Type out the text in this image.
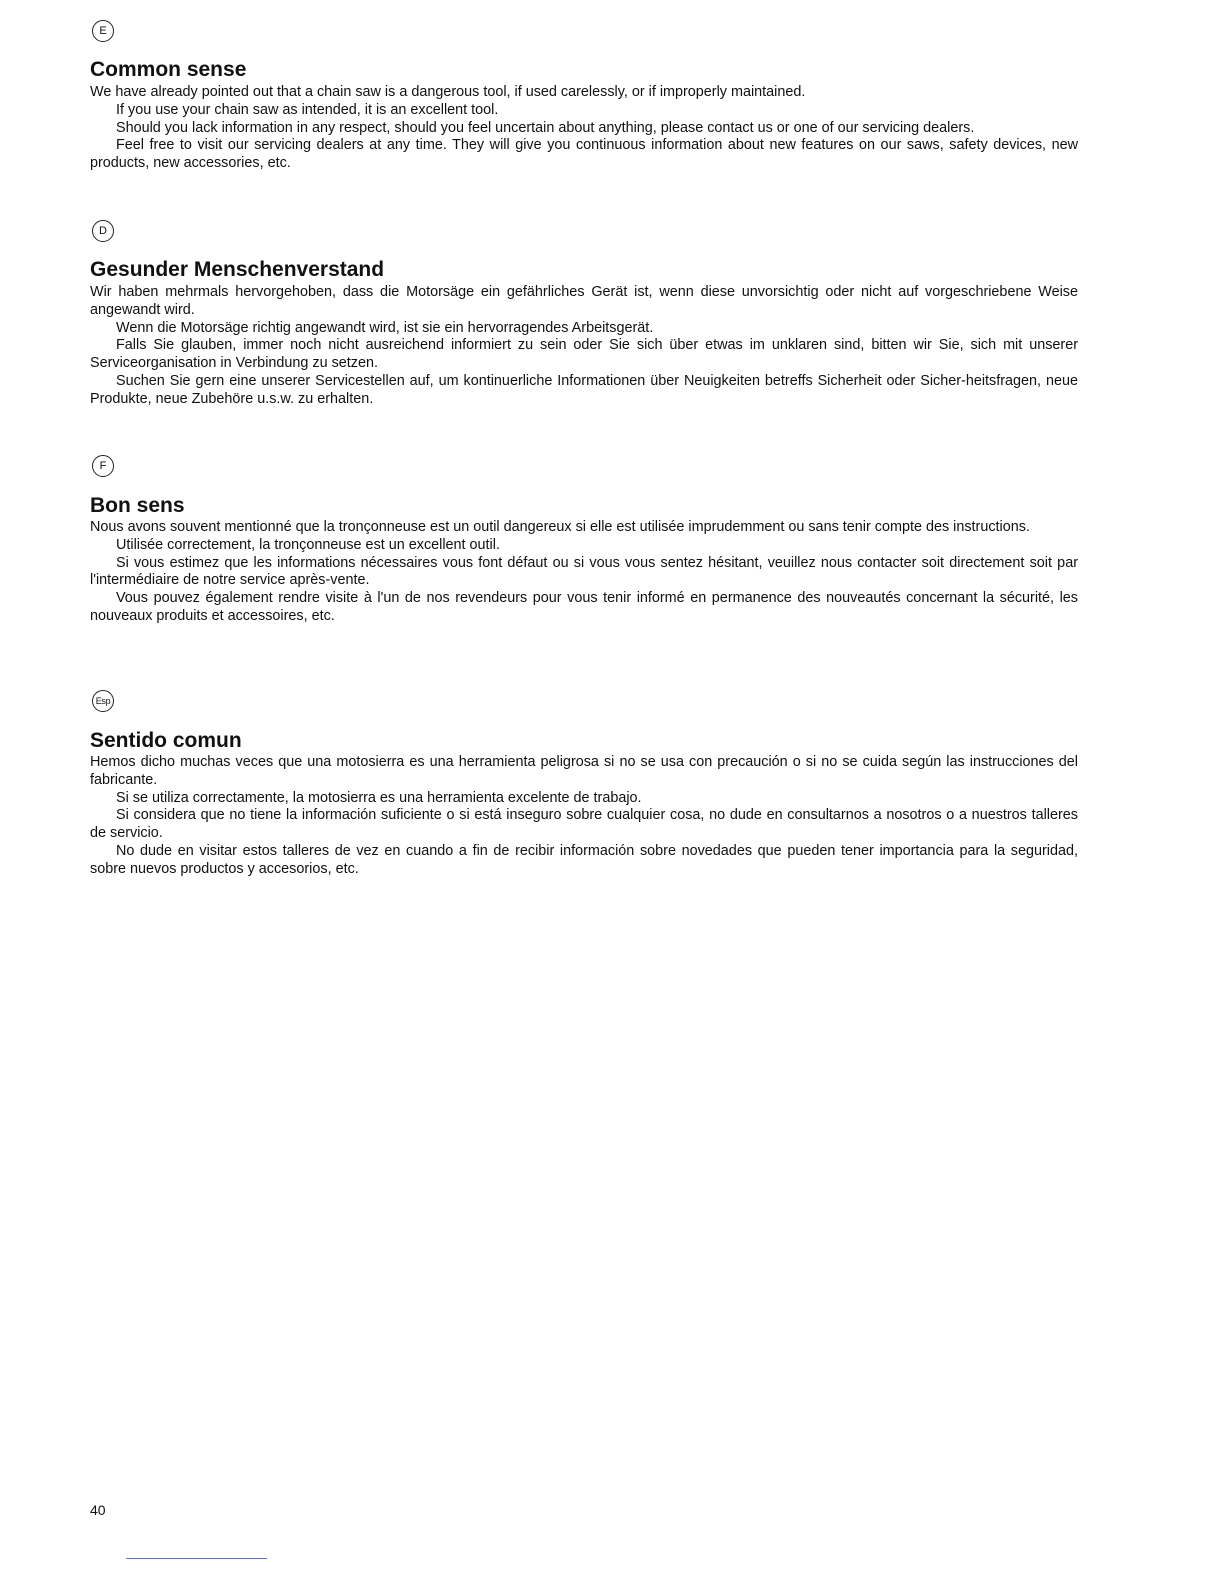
E
Common sense

We have already pointed out that a chain saw is a dangerous tool, if used carelessly, or if improperly maintained.

If you use your chain saw as intended, it is an excellent tool.

Should you lack information in any respect, should you feel uncertain about anything, please contact us or one of our servicing dealers.

Feel free to visit our servicing dealers at any time. They will give you continuous information about new features on our saws, safety devices, new products, new accessories, etc.

D
Gesunder Menschenverstand

Wir haben mehrmals hervorgehoben, dass die Motorsäge ein gefährliches Gerät ist, wenn diese unvorsichtig oder nicht auf vorgeschriebene Weise angewandt wird.

Wenn die Motorsäge richtig angewandt wird, ist sie ein hervorragendes Arbeitsgerät.

Falls Sie glauben, immer noch nicht ausreichend informiert zu sein oder Sie sich über etwas im unklaren sind, bitten wir Sie, sich mit unserer Serviceorganisation in Verbindung zu setzen.

Suchen Sie gern eine unserer Servicestellen auf, um kontinuerliche Informationen über Neuigkeiten betreffs Sicherheit oder Sicher-heitsfragen, neue Produkte, neue Zubehöre u.s.w. zu erhalten.

F
Bon sens

Nous avons souvent mentionné que la tronçonneuse est un outil dangereux si elle est utilisée imprudemment ou sans tenir compte des instructions.

Utilisée correctement, la tronçonneuse est un excellent outil.

Si vous estimez que les informations nécessaires vous font défaut ou si vous vous sentez hésitant, veuillez nous contacter soit directement soit par l'intermédiaire de notre service après-vente.

Vous pouvez également rendre visite à l'un de nos revendeurs pour vous tenir informé en permanence des nouveautés concernant la sécurité, les nouveaux produits et accessoires, etc.

Esp
Sentido comun

Hemos dicho muchas veces que una motosierra es una herramienta peligrosa si no se usa con precaución o si no se cuida según las instrucciones del fabricante.

Si se utiliza correctamente, la motosierra es una herramienta excelente de trabajo.

Si considera que no tiene la información suficiente o si está inseguro sobre cualquier cosa, no dude en consultarnos a nosotros o a nuestros talleres de servicio.

No dude en visitar estos talleres de vez en cuando a fin de recibir información sobre novedades que pueden tener importancia para la seguridad, sobre nuevos productos y accesorios, etc.

40
